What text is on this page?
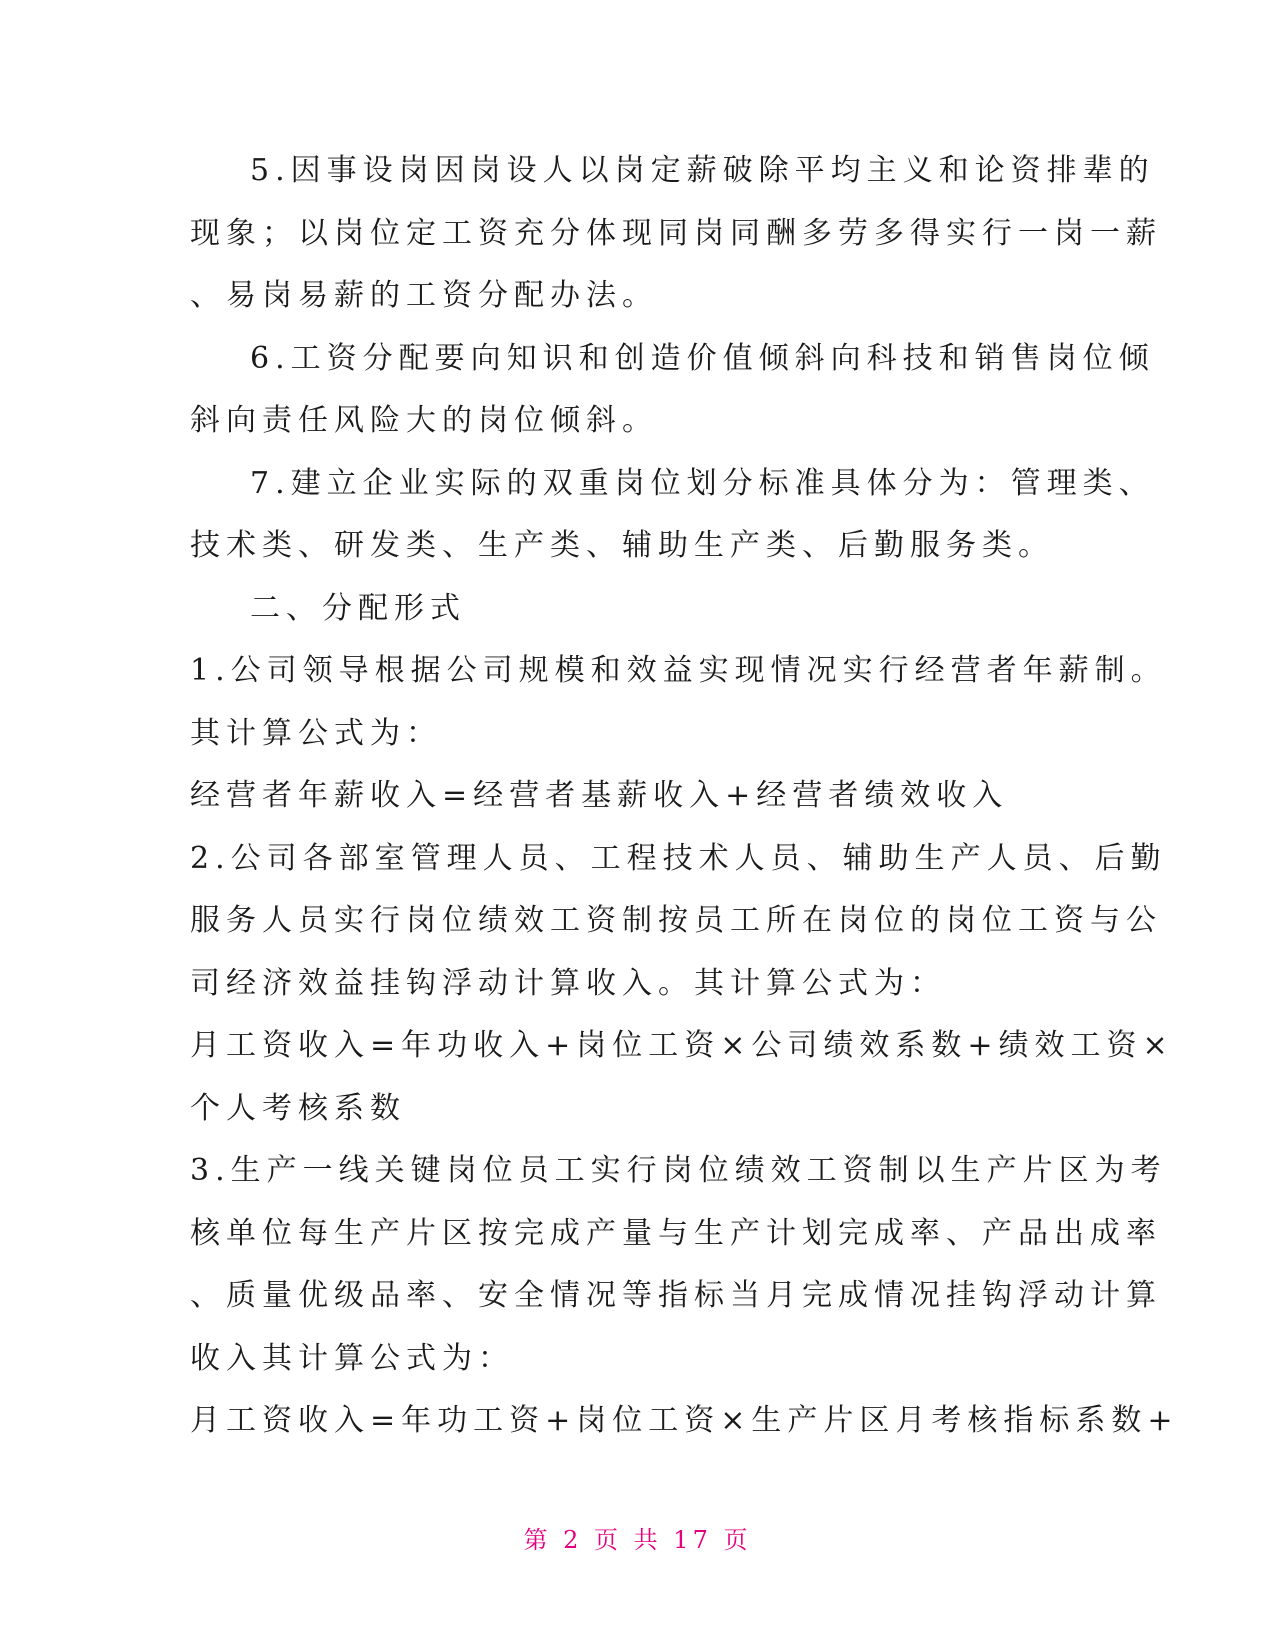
5.因事设岗因岗设人以岗定薪破除平均主义和论资排辈的
现象；以岗位定工资充分体现同岗同酬多劳多得实行一岗一薪
、易岗易薪的工资分配办法。
6.工资分配要向知识和创造价值倾斜向科技和销售岗位倾
斜向责任风险大的岗位倾斜。
7.建立企业实际的双重岗位划分标准具体分为：管理类、
技术类、研发类、生产类、辅助生产类、后勤服务类。
二、分配形式
1.公司领导根据公司规模和效益实现情况实行经营者年薪制。
其计算公式为：
经营者年薪收入=经营者基薪收入+经营者绩效收入
2.公司各部室管理人员、工程技术人员、辅助生产人员、后勤
服务人员实行岗位绩效工资制按员工所在岗位的岗位工资与公
司经济效益挂钩浮动计算收入。其计算公式为：
月工资收入=年功收入+岗位工资×公司绩效系数+绩效工资×
个人考核系数
3.生产一线关键岗位员工实行岗位绩效工资制以生产片区为考
核单位每生产片区按完成产量与生产计划完成率、产品出成率
、质量优级品率、安全情况等指标当月完成情况挂钩浮动计算
收入其计算公式为：
月工资收入=年功工资+岗位工资×生产片区月考核指标系数+
第 2 页 共 17 页
